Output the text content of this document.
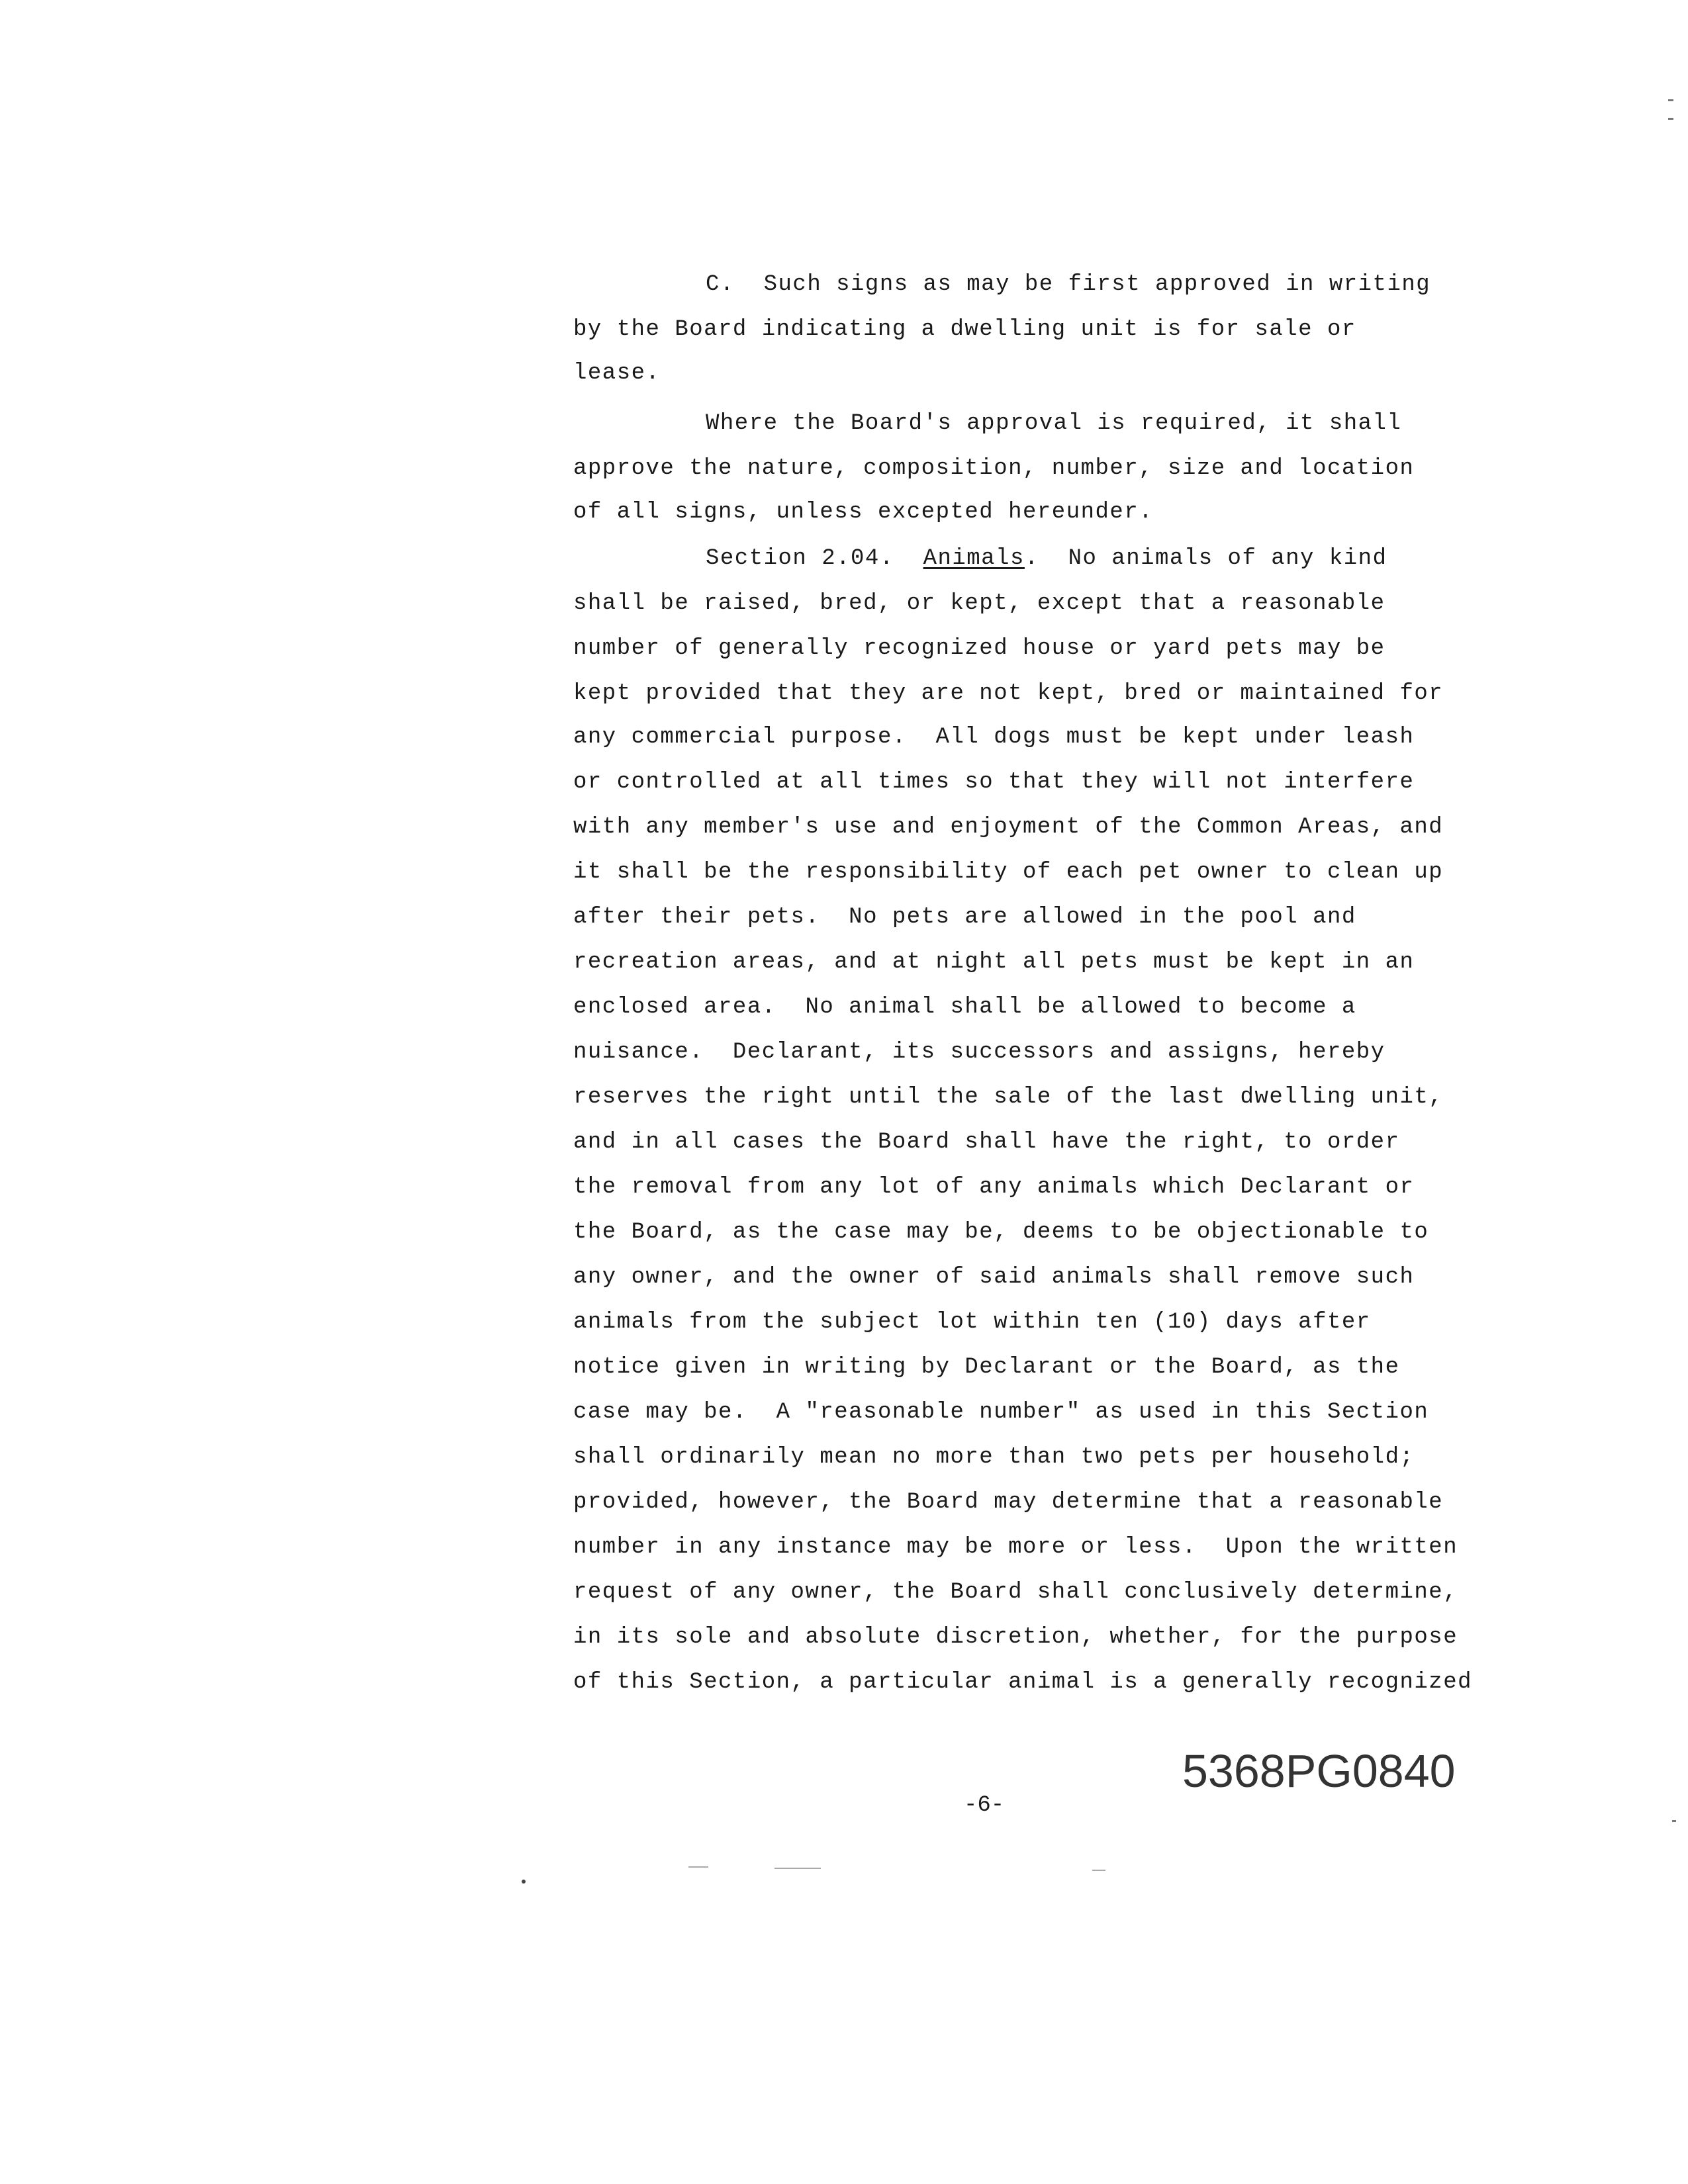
C.  Such signs as may be first approved in writing
by the Board indicating a dwelling unit is for sale or
lease.
Where the Board's approval is required, it shall
approve the nature, composition, number, size and location
of all signs, unless excepted hereunder.
Section 2.04. Animals.  No animals of any kind
shall be raised, bred, or kept, except that a reasonable
number of generally recognized house or yard pets may be
kept provided that they are not kept, bred or maintained for
any commercial purpose.  All dogs must be kept under leash
or controlled at all times so that they will not interfere
with any member's use and enjoyment of the Common Areas, and
it shall be the responsibility of each pet owner to clean up
after their pets.  No pets are allowed in the pool and
recreation areas, and at night all pets must be kept in an
enclosed area.  No animal shall be allowed to become a
nuisance.  Declarant, its successors and assigns, hereby
reserves the right until the sale of the last dwelling unit,
and in all cases the Board shall have the right, to order
the removal from any lot of any animals which Declarant or
the Board, as the case may be, deems to be objectionable to
any owner, and the owner of said animals shall remove such
animals from the subject lot within ten (10) days after
notice given in writing by Declarant or the Board, as the
case may be.  A "reasonable number" as used in this Section
shall ordinarily mean no more than two pets per household;
provided, however, the Board may determine that a reasonable
number in any instance may be more or less.  Upon the written
request of any owner, the Board shall conclusively determine,
in its sole and absolute discretion, whether, for the purpose
of this Section, a particular animal is a generally recognized
5368PG0840
-6-
